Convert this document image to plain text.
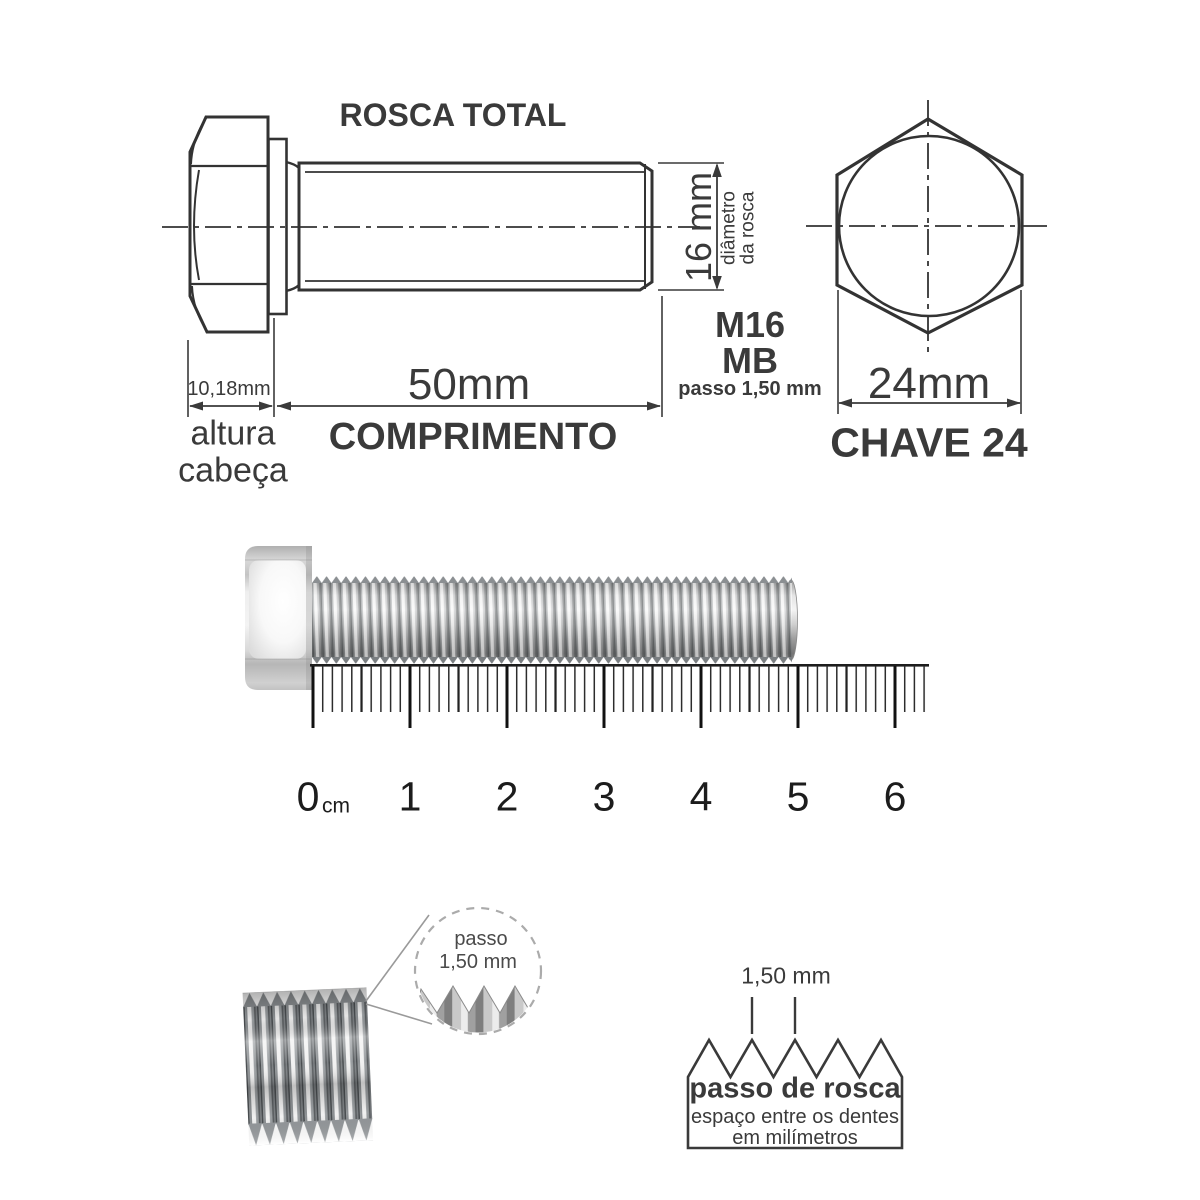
ROSCA TOTAL
16 mm diâmetro
da rosca
M16
MB
passo 1,50 mm
10,18mm
altura
cabeça
50mm
COMPRIMENTO
24mm
CHAVE 24
0 cm 1 2 3 4 5 6
passo
1,50 mm
1,50 mm
passo de rosca
espaço entre os dentes
em milímetros
